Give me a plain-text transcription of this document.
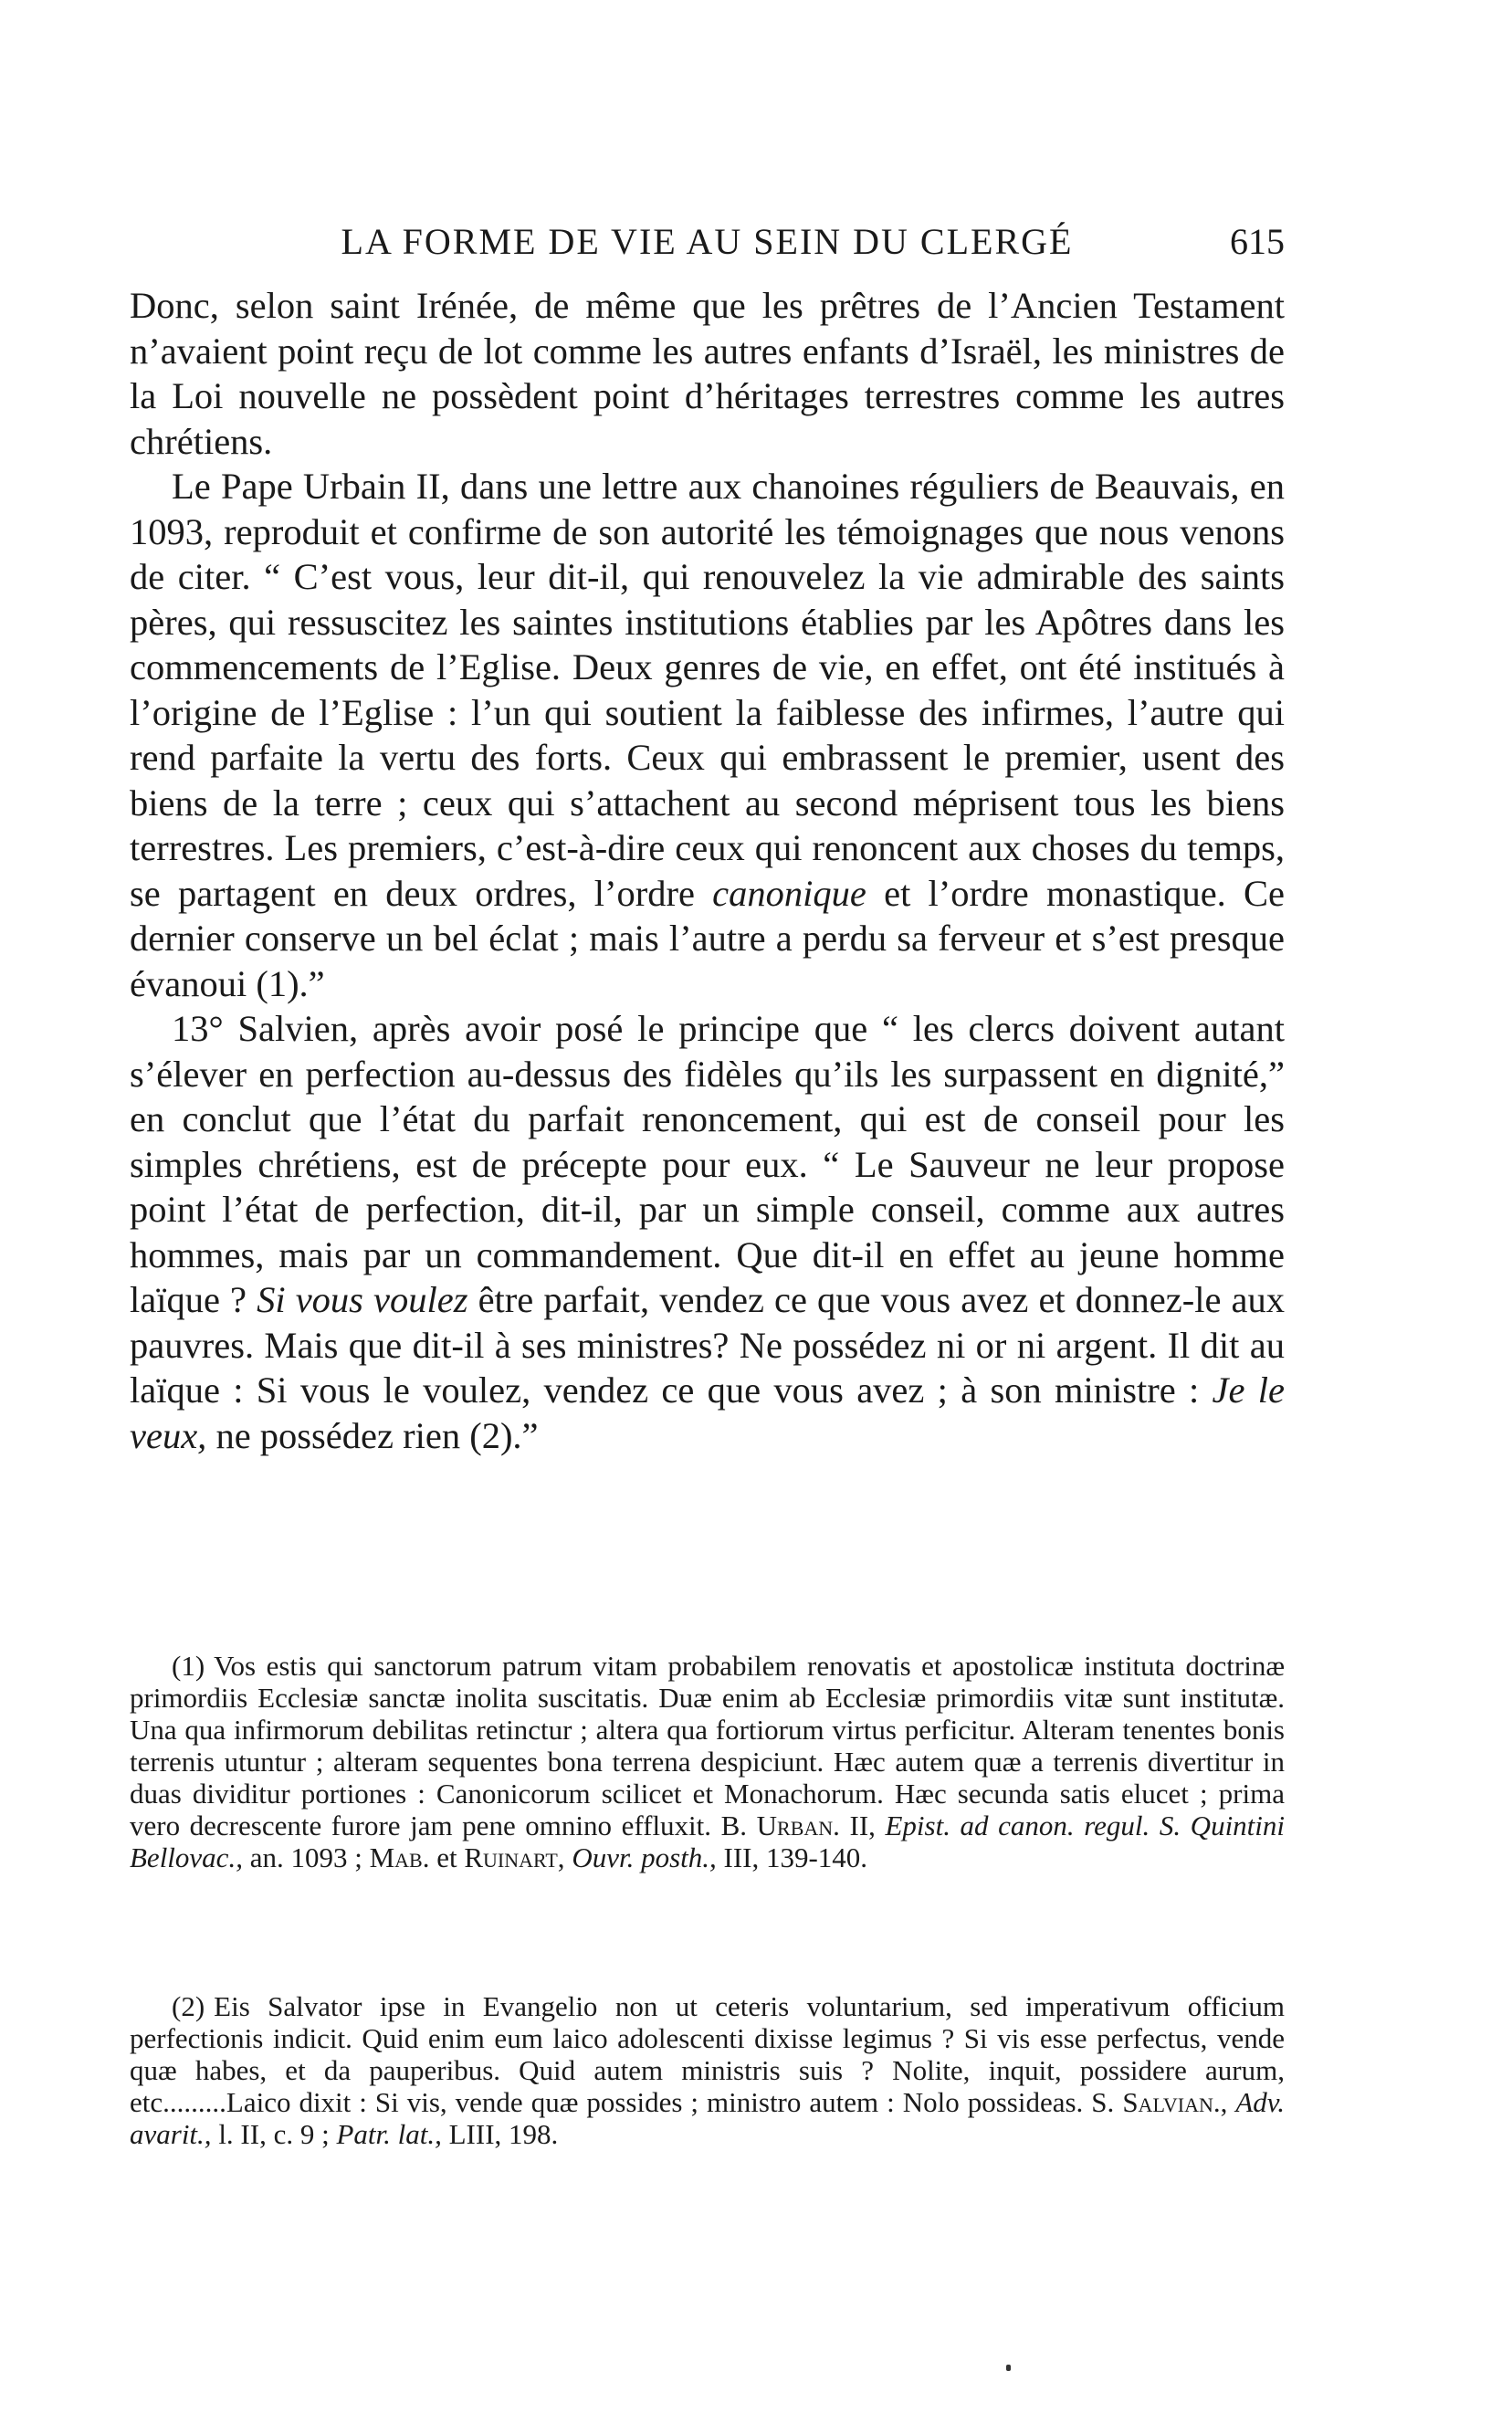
LA FORME DE VIE AU SEIN DU CLERGÉ	615

Donc, selon saint Irénée, de même que les prêtres de l’Ancien Testament n’avaient point reçu de lot comme les autres enfants d’Israël, les ministres de la Loi nouvelle ne possèdent point d’héritages terrestres comme les autres chrétiens.

Le Pape Urbain II, dans une lettre aux chanoines réguliers de Beauvais, en 1093, reproduit et confirme de son autorité les témoignages que nous venons de citer. “ C’est vous, leur dit-il, qui renouvelez la vie admirable des saints pères, qui ressuscitez les saintes institutions établies par les Apôtres dans les commencements de l’Eglise. Deux genres de vie, en effet, ont été institués à l’origine de l’Eglise : l’un qui soutient la faiblesse des infirmes, l’autre qui rend parfaite la vertu des forts. Ceux qui embrassent le premier, usent des biens de la terre ; ceux qui s’attachent au second méprisent tous les biens terrestres. Les premiers, c’est-à-dire ceux qui renoncent aux choses du temps, se partagent en deux ordres, l’ordre canonique et l’ordre monastique. Ce dernier conserve un bel éclat ; mais l’autre a perdu sa ferveur et s’est presque évanoui (1).”

13° Salvien, après avoir posé le principe que “ les clercs doivent autant s’élever en perfection au-dessus des fidèles qu’ils les surpassent en dignité,” en conclut que l’état du parfait renoncement, qui est de conseil pour les simples chrétiens, est de précepte pour eux. “ Le Sauveur ne leur propose point l’état de perfection, dit-il, par un simple conseil, comme aux autres hommes, mais par un commandement. Que dit-il en effet au jeune homme laïque ? Si vous voulez être parfait, vendez ce que vous avez et donnez-le aux pauvres. Mais que dit-il à ses ministres? Ne possédez ni or ni argent. Il dit au laïque : Si vous le voulez, vendez ce que vous avez ; à son ministre : Je le veux, ne possédez rien (2).”

(1) Vos estis qui sanctorum patrum vitam probabilem renovatis et apostolicæ instituta doctrinæ primordiis Ecclesiæ sanctæ inolita suscitatis. Duæ enim ab Ecclesiæ primordiis vitæ sunt institutæ. Una qua infirmorum debilitas retinctur ; altera qua fortiorum virtus perficitur. Alteram tenentes bonis terrenis utuntur ; alteram sequentes bona terrena despiciunt. Hæc autem quæ a terrenis divertitur in duas dividitur portiones : Canonicorum scilicet et Monachorum. Hæc secunda satis elucet ; prima vero decrescente furore jam pene omnino effluxit. B. Urban. II, Epist. ad canon. regul. S. Quintini Bellovac., an. 1093 ; Mab. et Ruinart, Ouvr. posth., III, 139-140.

(2) Eis Salvator ipse in Evangelio non ut ceteris voluntarium, sed imperativum officium perfectionis indicit. Quid enim eum laico adolescenti dixisse legimus ? Si vis esse perfectus, vende quæ habes, et da pauperibus. Quid autem ministris suis ? Nolite, inquit, possidere aurum, etc.........Laico dixit : Si vis, vende quæ possides ; ministro autem : Nolo possideas. S. Salvian., Adv. avarit., l. II, c. 9 ; Patr. lat., LIII, 198.
